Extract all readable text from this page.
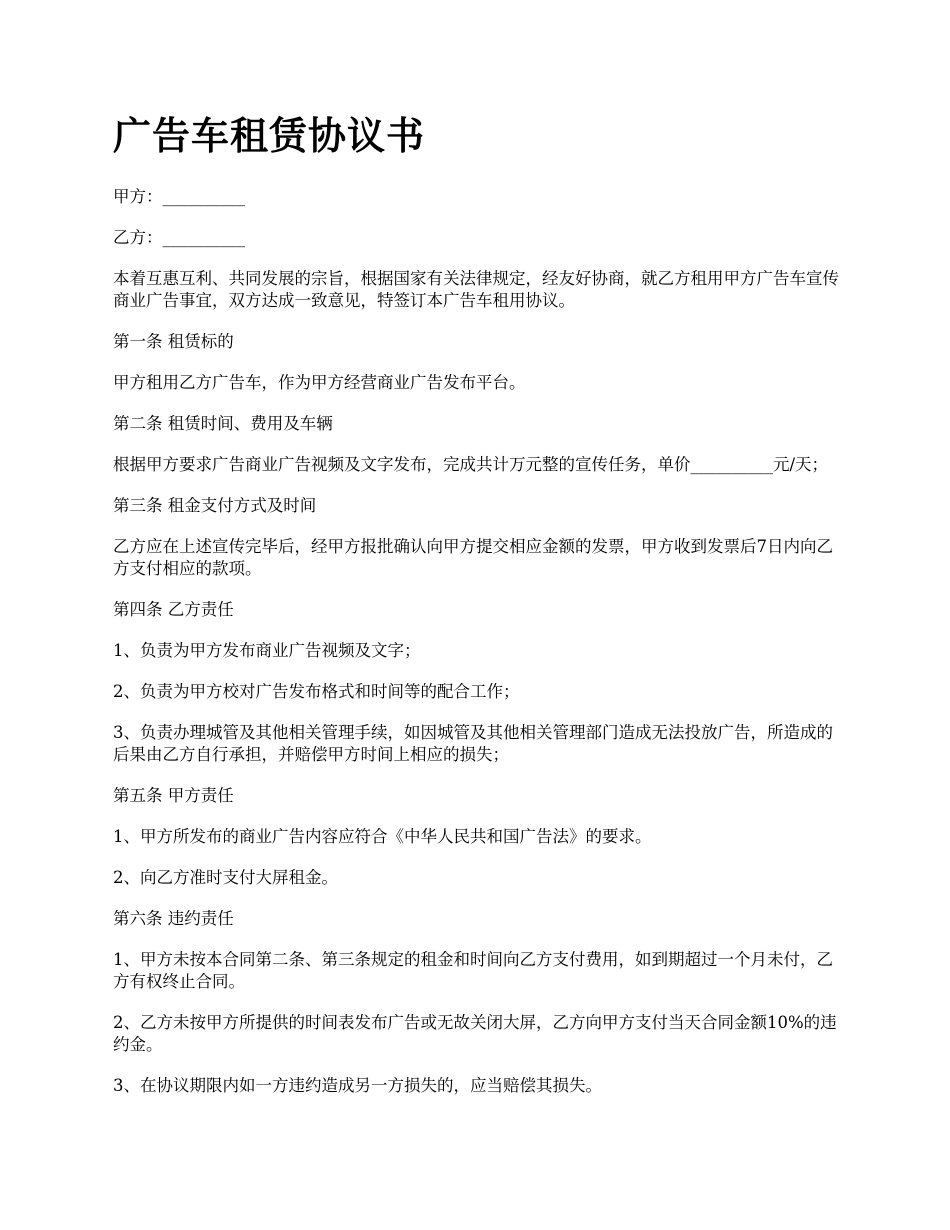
广告车租赁协议书

甲方：__________

乙方：__________

本着互惠互利、共同发展的宗旨，根据国家有关法律规定，经友好协商，就乙方租用甲方广告车宣传商业广告事宜，双方达成一致意见，特签订本广告车租用协议。

第一条 租赁标的

甲方租用乙方广告车，作为甲方经营商业广告发布平台。

第二条 租赁时间、费用及车辆

根据甲方要求广告商业广告视频及文字发布，完成共计万元整的宣传任务，单价__________元/天；

第三条 租金支付方式及时间

乙方应在上述宣传完毕后，经甲方报批确认向甲方提交相应金额的发票，甲方收到发票后7日内向乙方支付相应的款项。

第四条 乙方责任

1、负责为甲方发布商业广告视频及文字；

2、负责为甲方校对广告发布格式和时间等的配合工作；

3、负责办理城管及其他相关管理手续，如因城管及其他相关管理部门造成无法投放广告，所造成的后果由乙方自行承担，并赔偿甲方时间上相应的损失；

第五条 甲方责任

1、甲方所发布的商业广告内容应符合《中华人民共和国广告法》的要求。

2、向乙方准时支付大屏租金。

第六条 违约责任

1、甲方未按本合同第二条、第三条规定的租金和时间向乙方支付费用，如到期超过一个月未付，乙方有权终止合同。

2、乙方未按甲方所提供的时间表发布广告或无故关闭大屏，乙方向甲方支付当天合同金额10%的违约金。

3、在协议期限内如一方违约造成另一方损失的，应当赔偿其损失。
